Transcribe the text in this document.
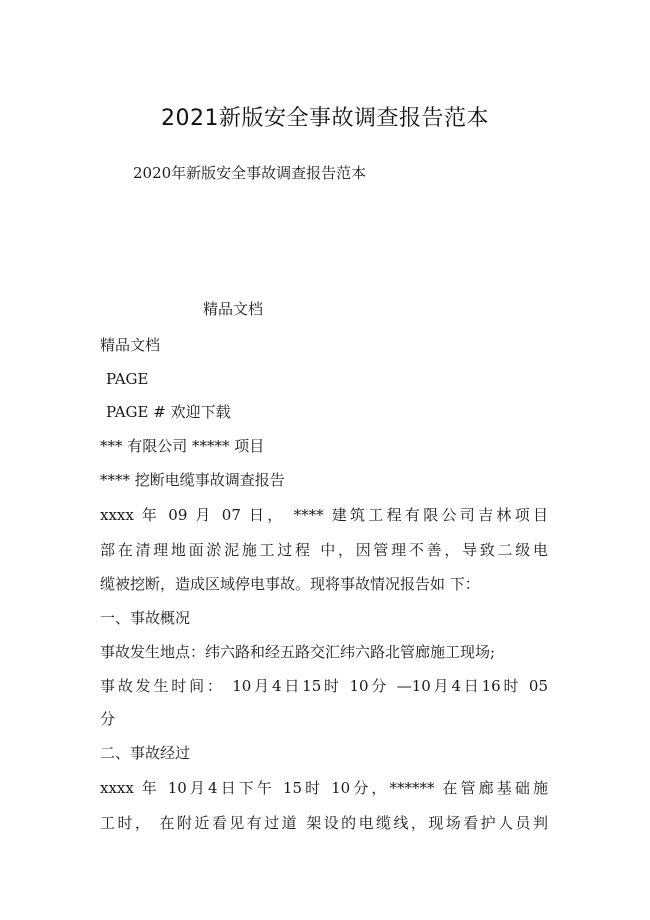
2021新版安全事故调查报告范本
2020年新版安全事故调查报告范本
精品文档
精品文档
PAGE
PAGE # 欢迎下载
*** 有限公司 ***** 项目
**** 挖断电缆事故调查报告
xxxx 年 09 月 07 日， **** 建筑工程有限公司吉林项目
部在清理地面淤泥施工过程 中，因管理不善，导致二级电
缆被挖断，造成区域停电事故。现将事故情况报告如 下：
一、事故概况
事故发生地点：纬六路和经五路交汇纬六路北管廊施工现场;
事故发生时间： 10月4日15时 10分 —10月4日16时 05
分
二、事故经过
xxxx 年 10月4日下午 15时 10分，****** 在管廊基础施
工时， 在附近看见有过道 架设的电缆线，现场看护人员判
